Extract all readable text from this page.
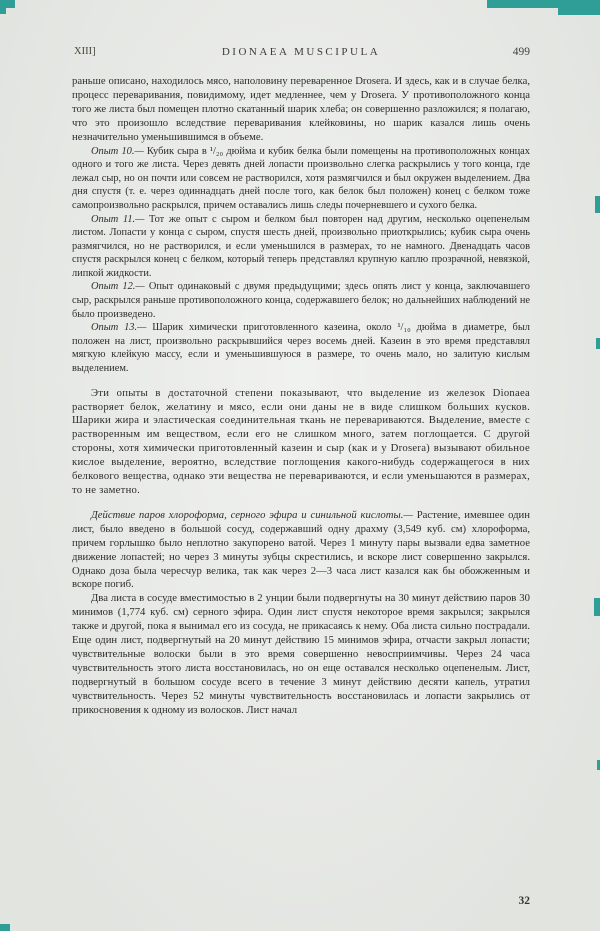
XIII]	DIONAEA MUSCIPULA	499

раньше описано, находилось мясо, наполовину переваренное Drosera. И здесь, как и в случае белка, процесс переваривания, повидимому, идет медленнее, чем у Drosera. У противоположного конца того же листа был помещен плотно скатанный шарик хлеба; он совершенно разложился; я полагаю, что это произошло вследствие переваривания клейковины, но шарик казался лишь очень незначительно уменьшившимся в объеме.

Опыт 10.— Кубик сыра в ¹/₂₀ дюйма и кубик белка были помещены на противоположных концах одного и того же листа. Через девять дней лопасти произвольно слегка раскрылись у того конца, где лежал сыр, но он почти или совсем не растворился, хотя размягчился и был окружен выделением. Два дня спустя (т. е. через одиннадцать дней после того, как белок был положен) конец с белком тоже самопроизвольно раскрылся, причем оставались лишь следы почерневшего и сухого белка.

Опыт 11.— Тот же опыт с сыром и белком был повторен над другим, несколько оцепенелым листом. Лопасти у конца с сыром, спустя шесть дней, произвольно приоткрылись; кубик сыра очень размягчился, но не растворился, и если уменьшился в размерах, то не намного. Двенадцать часов спустя раскрылся конец с белком, который теперь представлял крупную каплю прозрачной, невязкой, липкой жидкости.

Опыт 12.— Опыт одинаковый с двумя предыдущими; здесь опять лист у конца, заключавшего сыр, раскрылся раньше противоположного конца, содержавшего белок; но дальнейших наблюдений не было произведено.

Опыт 13.— Шарик химически приготовленного казеина, около ¹/₁₀ дюйма в диаметре, был положен на лист, произвольно раскрывшийся через восемь дней. Казеин в это время представлял мягкую клейкую массу, если и уменьшившуюся в размере, то очень мало, но залитую кислым выделением.

Эти опыты в достаточной степени показывают, что выделение из железок Dionaea растворяет белок, желатину и мясо, если они даны не в виде слишком больших кусков. Шарики жира и эластическая соединительная ткань не перевариваются. Выделение, вместе с растворенным им веществом, если его не слишком много, затем поглощается. С другой стороны, хотя химически приготовленный казеин и сыр (как и у Drosera) вызывают обильное кислое выделение, вероятно, вследствие поглощения какого-нибудь содержащегося в них белкового вещества, однако эти вещества не перевариваются, и если уменьшаются в размерах, то не заметно.

Действие паров хлороформа, серного эфира и синильной кислоты.— Растение, имевшее один лист, было введено в большой сосуд, содержавший одну драхму (3,549 куб. см) хлороформа, причем горлышко было неплотно закупорено ватой. Через 1 минуту пары вызвали едва заметное движение лопастей; но через 3 минуты зубцы скрестились, и вскоре лист совершенно закрылся. Однако доза была чересчур велика, так как через 2—3 часа лист казался как бы обожженным и вскоре погиб.

Два листа в сосуде вместимостью в 2 унции были подвергнуты на 30 минут действию паров 30 минимов (1,774 куб. см) серного эфира. Один лист спустя некоторое время закрылся; закрылся также и другой, пока я вынимал его из сосуда, не прикасаясь к нему. Оба листа сильно пострадали. Еще один лист, подвергнутый на 20 минут действию 15 минимов эфира, отчасти закрыл лопасти; чувствительные волоски были в это время совершенно невосприимчивы. Через 24 часа чувствительность этого листа восстановилась, но он еще оставался несколько оцепенелым. Лист, подвергнутый в большом сосуде всего в течение 3 минут действию десяти капель, утратил чувствительность. Через 52 минуты чувствительность восстановилась и лопасти закрылись от прикосновения к одному из волосков. Лист начал

32
